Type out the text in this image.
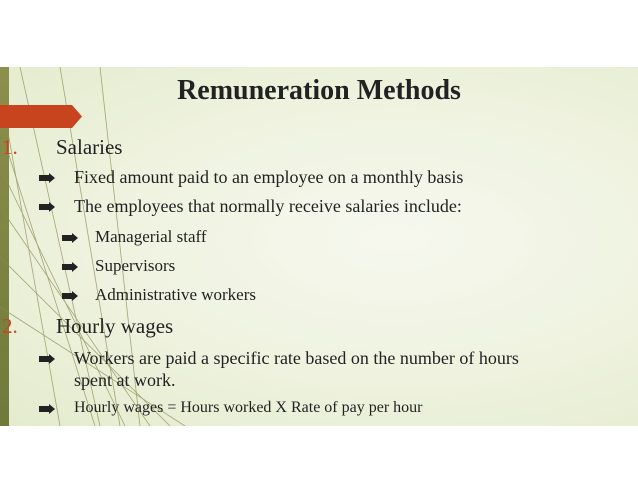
Remuneration Methods
1. Salaries
Fixed amount paid to an employee on a monthly basis
The employees that normally receive salaries include:
Managerial staff
Supervisors
Administrative workers
2. Hourly wages
Workers are paid a specific rate based on the number of hours
spent at work.
Hourly wages = Hours worked X Rate of pay per hour
